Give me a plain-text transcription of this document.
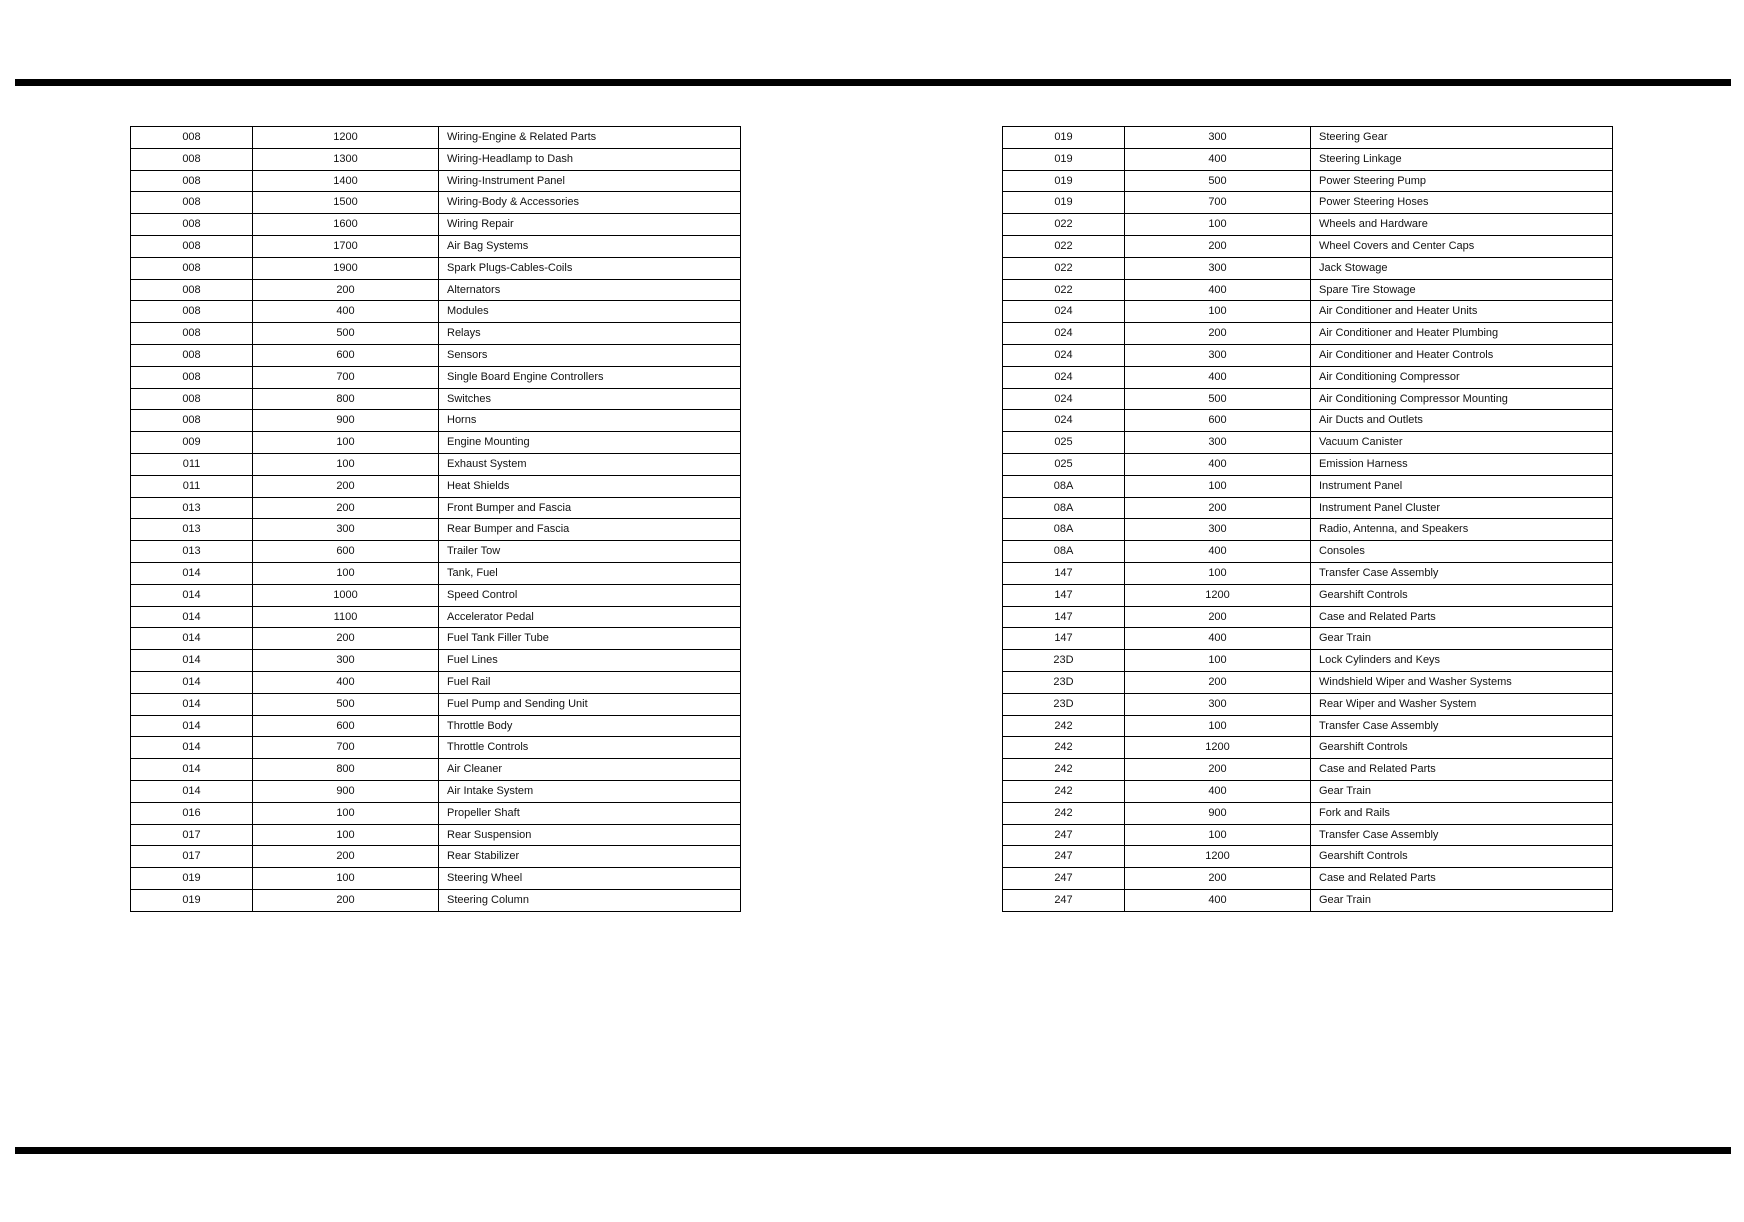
008	1200	Wiring-Engine & Related Parts
008	1300	Wiring-Headlamp to Dash
008	1400	Wiring-Instrument Panel
008	1500	Wiring-Body & Accessories
008	1600	Wiring Repair
008	1700	Air Bag Systems
008	1900	Spark Plugs-Cables-Coils
008	200	Alternators
008	400	Modules
008	500	Relays
008	600	Sensors
008	700	Single Board Engine Controllers
008	800	Switches
008	900	Horns
009	100	Engine Mounting
011	100	Exhaust System
011	200	Heat Shields
013	200	Front Bumper and Fascia
013	300	Rear Bumper and Fascia
013	600	Trailer Tow
014	100	Tank, Fuel
014	1000	Speed Control
014	1100	Accelerator Pedal
014	200	Fuel Tank Filler Tube
014	300	Fuel Lines
014	400	Fuel Rail
014	500	Fuel Pump and Sending Unit
014	600	Throttle Body
014	700	Throttle Controls
014	800	Air Cleaner
014	900	Air Intake System
016	100	Propeller Shaft
017	100	Rear Suspension
017	200	Rear Stabilizer
019	100	Steering Wheel
019	200	Steering Column
019	300	Steering Gear
019	400	Steering Linkage
019	500	Power Steering Pump
019	700	Power Steering Hoses
022	100	Wheels and Hardware
022	200	Wheel Covers and Center Caps
022	300	Jack Stowage
022	400	Spare Tire Stowage
024	100	Air Conditioner and Heater Units
024	200	Air Conditioner and Heater Plumbing
024	300	Air Conditioner and Heater Controls
024	400	Air Conditioning Compressor
024	500	Air Conditioning Compressor Mounting
024	600	Air Ducts and Outlets
025	300	Vacuum Canister
025	400	Emission Harness
08A	100	Instrument Panel
08A	200	Instrument Panel Cluster
08A	300	Radio, Antenna, and Speakers
08A	400	Consoles
147	100	Transfer Case Assembly
147	1200	Gearshift Controls
147	200	Case and Related Parts
147	400	Gear Train
23D	100	Lock Cylinders and Keys
23D	200	Windshield Wiper and Washer Systems
23D	300	Rear Wiper and Washer System
242	100	Transfer Case Assembly
242	1200	Gearshift Controls
242	200	Case and Related Parts
242	400	Gear Train
242	900	Fork and Rails
247	100	Transfer Case Assembly
247	1200	Gearshift Controls
247	200	Case and Related Parts
247	400	Gear Train
